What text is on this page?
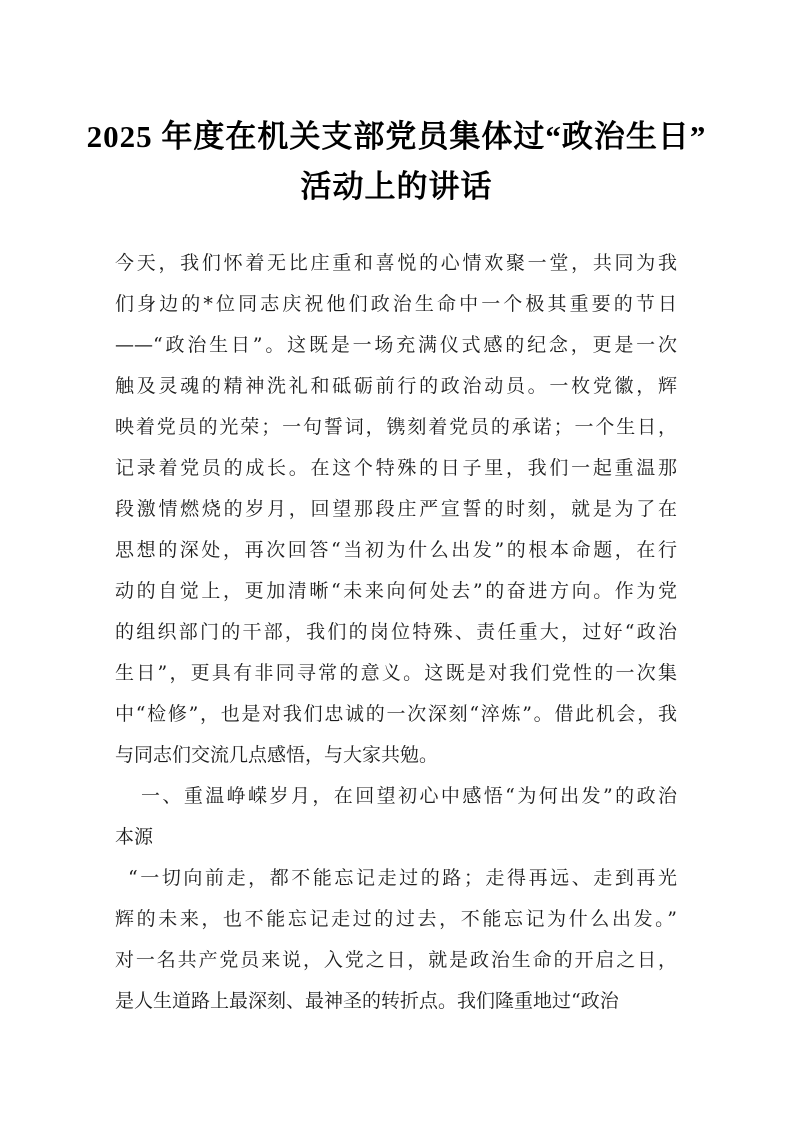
2025 年度在机关支部党员集体过“政治生日”
活动上的讲话
今天，我们怀着无比庄重和喜悦的心情欢聚一堂，共同为我
们身边的*位同志庆祝他们政治生命中一个极其重要的节日
——“政治生日”。这既是一场充满仪式感的纪念，更是一次
触及灵魂的精神洗礼和砥砺前行的政治动员。一枚党徽，辉
映着党员的光荣；一句誓词，镌刻着党员的承诺；一个生日，
记录着党员的成长。在这个特殊的日子里，我们一起重温那
段激情燃烧的岁月，回望那段庄严宣誓的时刻，就是为了在
思想的深处，再次回答“当初为什么出发”的根本命题，在行
动的自觉上，更加清晰“未来向何处去”的奋进方向。作为党
的组织部门的干部，我们的岗位特殊、责任重大，过好“政治
生日”，更具有非同寻常的意义。这既是对我们党性的一次集
中“检修”，也是对我们忠诚的一次深刻“淬炼”。借此机会，我
与同志们交流几点感悟，与大家共勉。
一、重温峥嵘岁月，在回望初心中感悟“为何出发”的政治
本源
“一切向前走，都不能忘记走过的路；走得再远、走到再光
辉的未来，也不能忘记走过的过去，不能忘记为什么出发。”
对一名共产党员来说，入党之日，就是政治生命的开启之日，
是人生道路上最深刻、最神圣的转折点。我们隆重地过“政治
